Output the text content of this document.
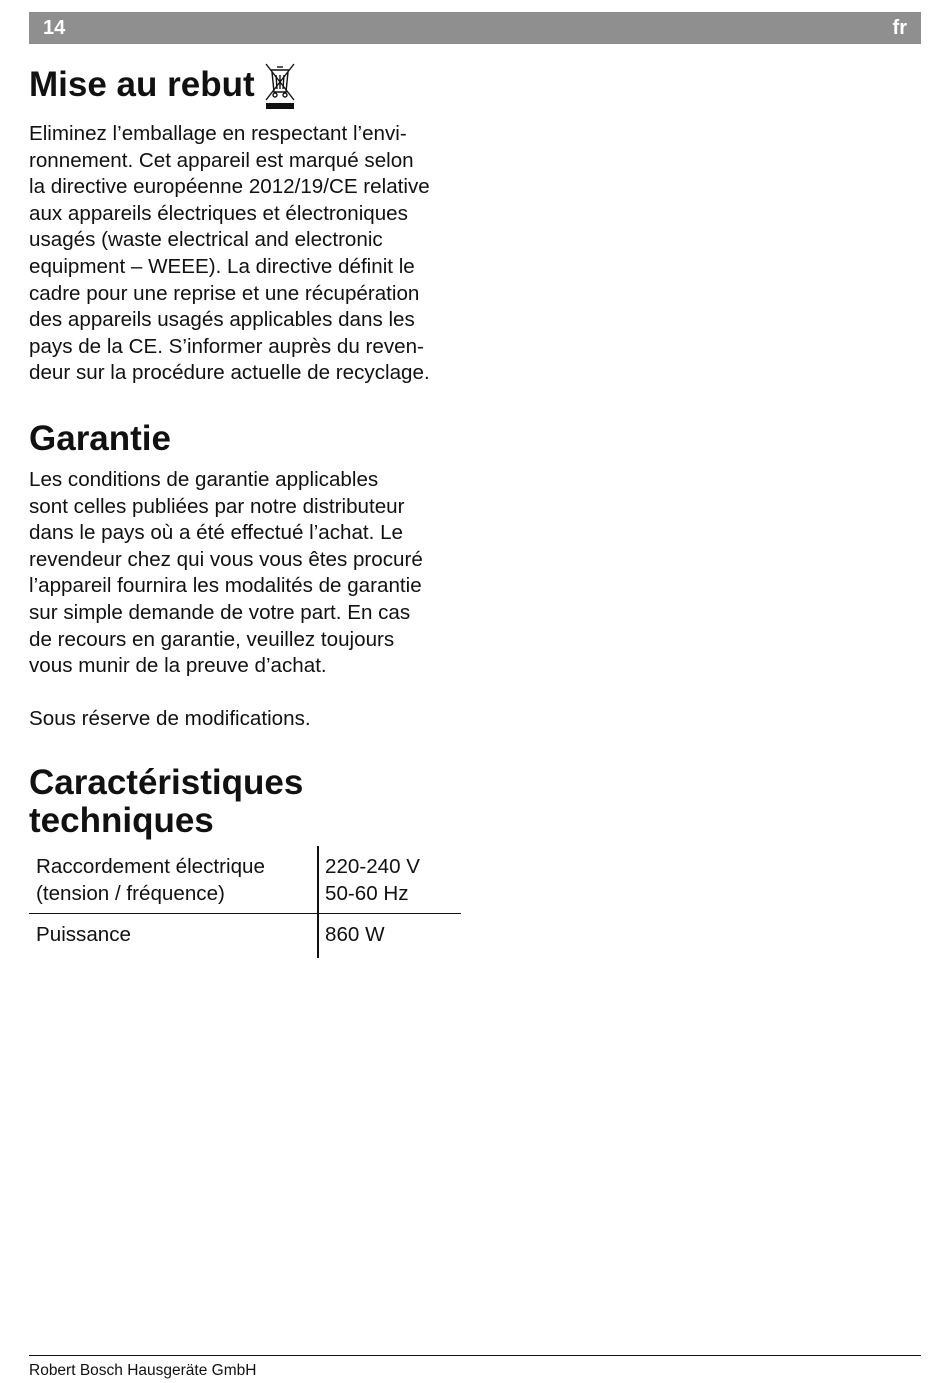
14	fr
Mise au rebut

Eliminez l’emballage en respectant l’envi-
ronnement. Cet appareil est marqué selon
la directive européenne 2012/19/CE relative
aux appareils électriques et électroniques
usagés (waste electrical and electronic
equipment – WEEE). La directive définit le
cadre pour une reprise et une récupération
des appareils usagés applicables dans les
pays de la CE. S’informer auprès du reven-
deur sur la procédure actuelle de recyclage.

Garantie

Les conditions de garantie applicables
sont celles publiées par notre distributeur
dans le pays où a été effectué l’achat. Le
revendeur chez qui vous vous êtes procuré
l’appareil fournira les modalités de garantie
sur simple demande de votre part. En cas
de recours en garantie, veuillez toujours
vous munir de la preuve d’achat.

Sous réserve de modifications.

Caractéristiques
techniques
Raccordement électrique
(tension / fréquence)	220-240 V
50-60 Hz

Puissance	860 W
Robert Bosch Hausgeräte GmbH
